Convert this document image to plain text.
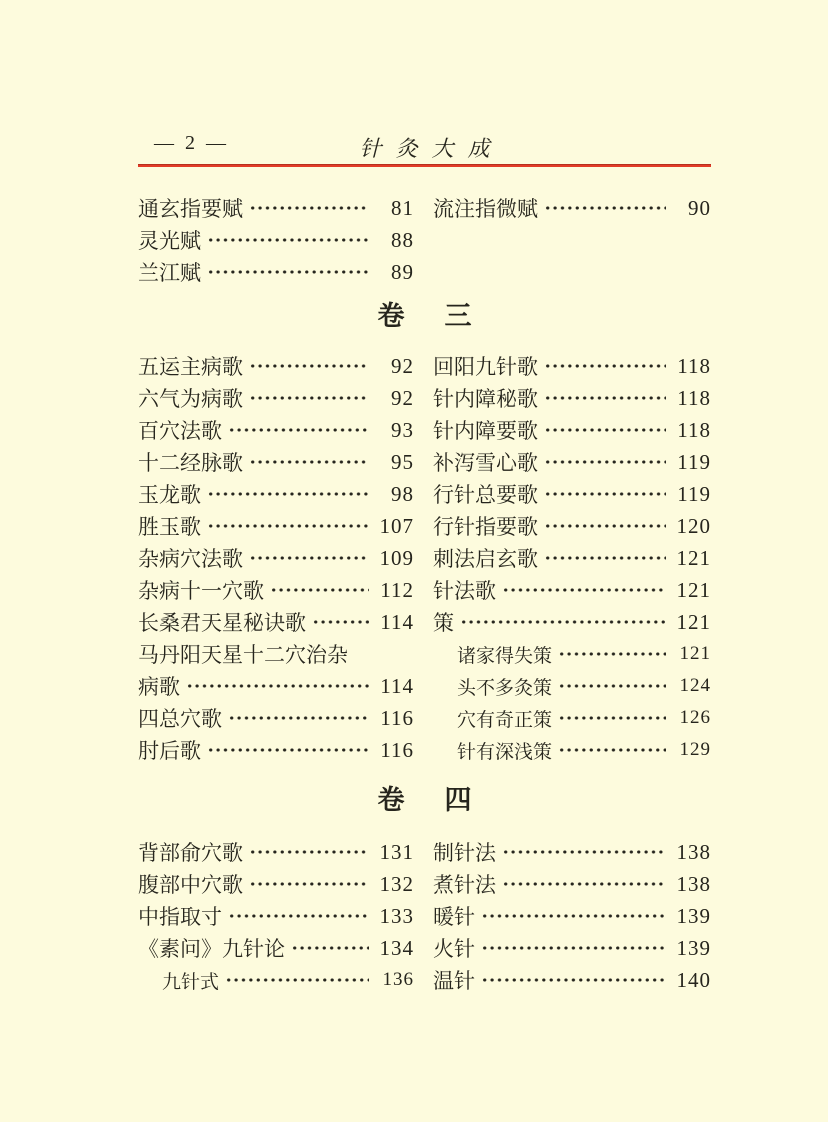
— 2 —	针灸大成
通玄指要赋	81
灵光赋	88
兰江赋	89
流注指微赋	90
卷 三
五运主病歌	92
六气为病歌	92
百穴法歌	93
十二经脉歌	95
玉龙歌	98
胜玉歌	107
杂病穴法歌	109
杂病十一穴歌	112
长桑君天星秘诀歌	114
马丹阳天星十二穴治杂
病歌	114
四总穴歌	116
肘后歌	116
回阳九针歌	118
针内障秘歌	118
针内障要歌	118
补泻雪心歌	119
行针总要歌	119
行针指要歌	120
刺法启玄歌	121
针法歌	121
策	121
诸家得失策	121
头不多灸策	124
穴有奇正策	126
针有深浅策	129
卷 四
背部俞穴歌	131
腹部中穴歌	132
中指取寸	133
《素问》九针论	134
九针式	136
制针法	138
煮针法	138
暖针	139
火针	139
温针	140
